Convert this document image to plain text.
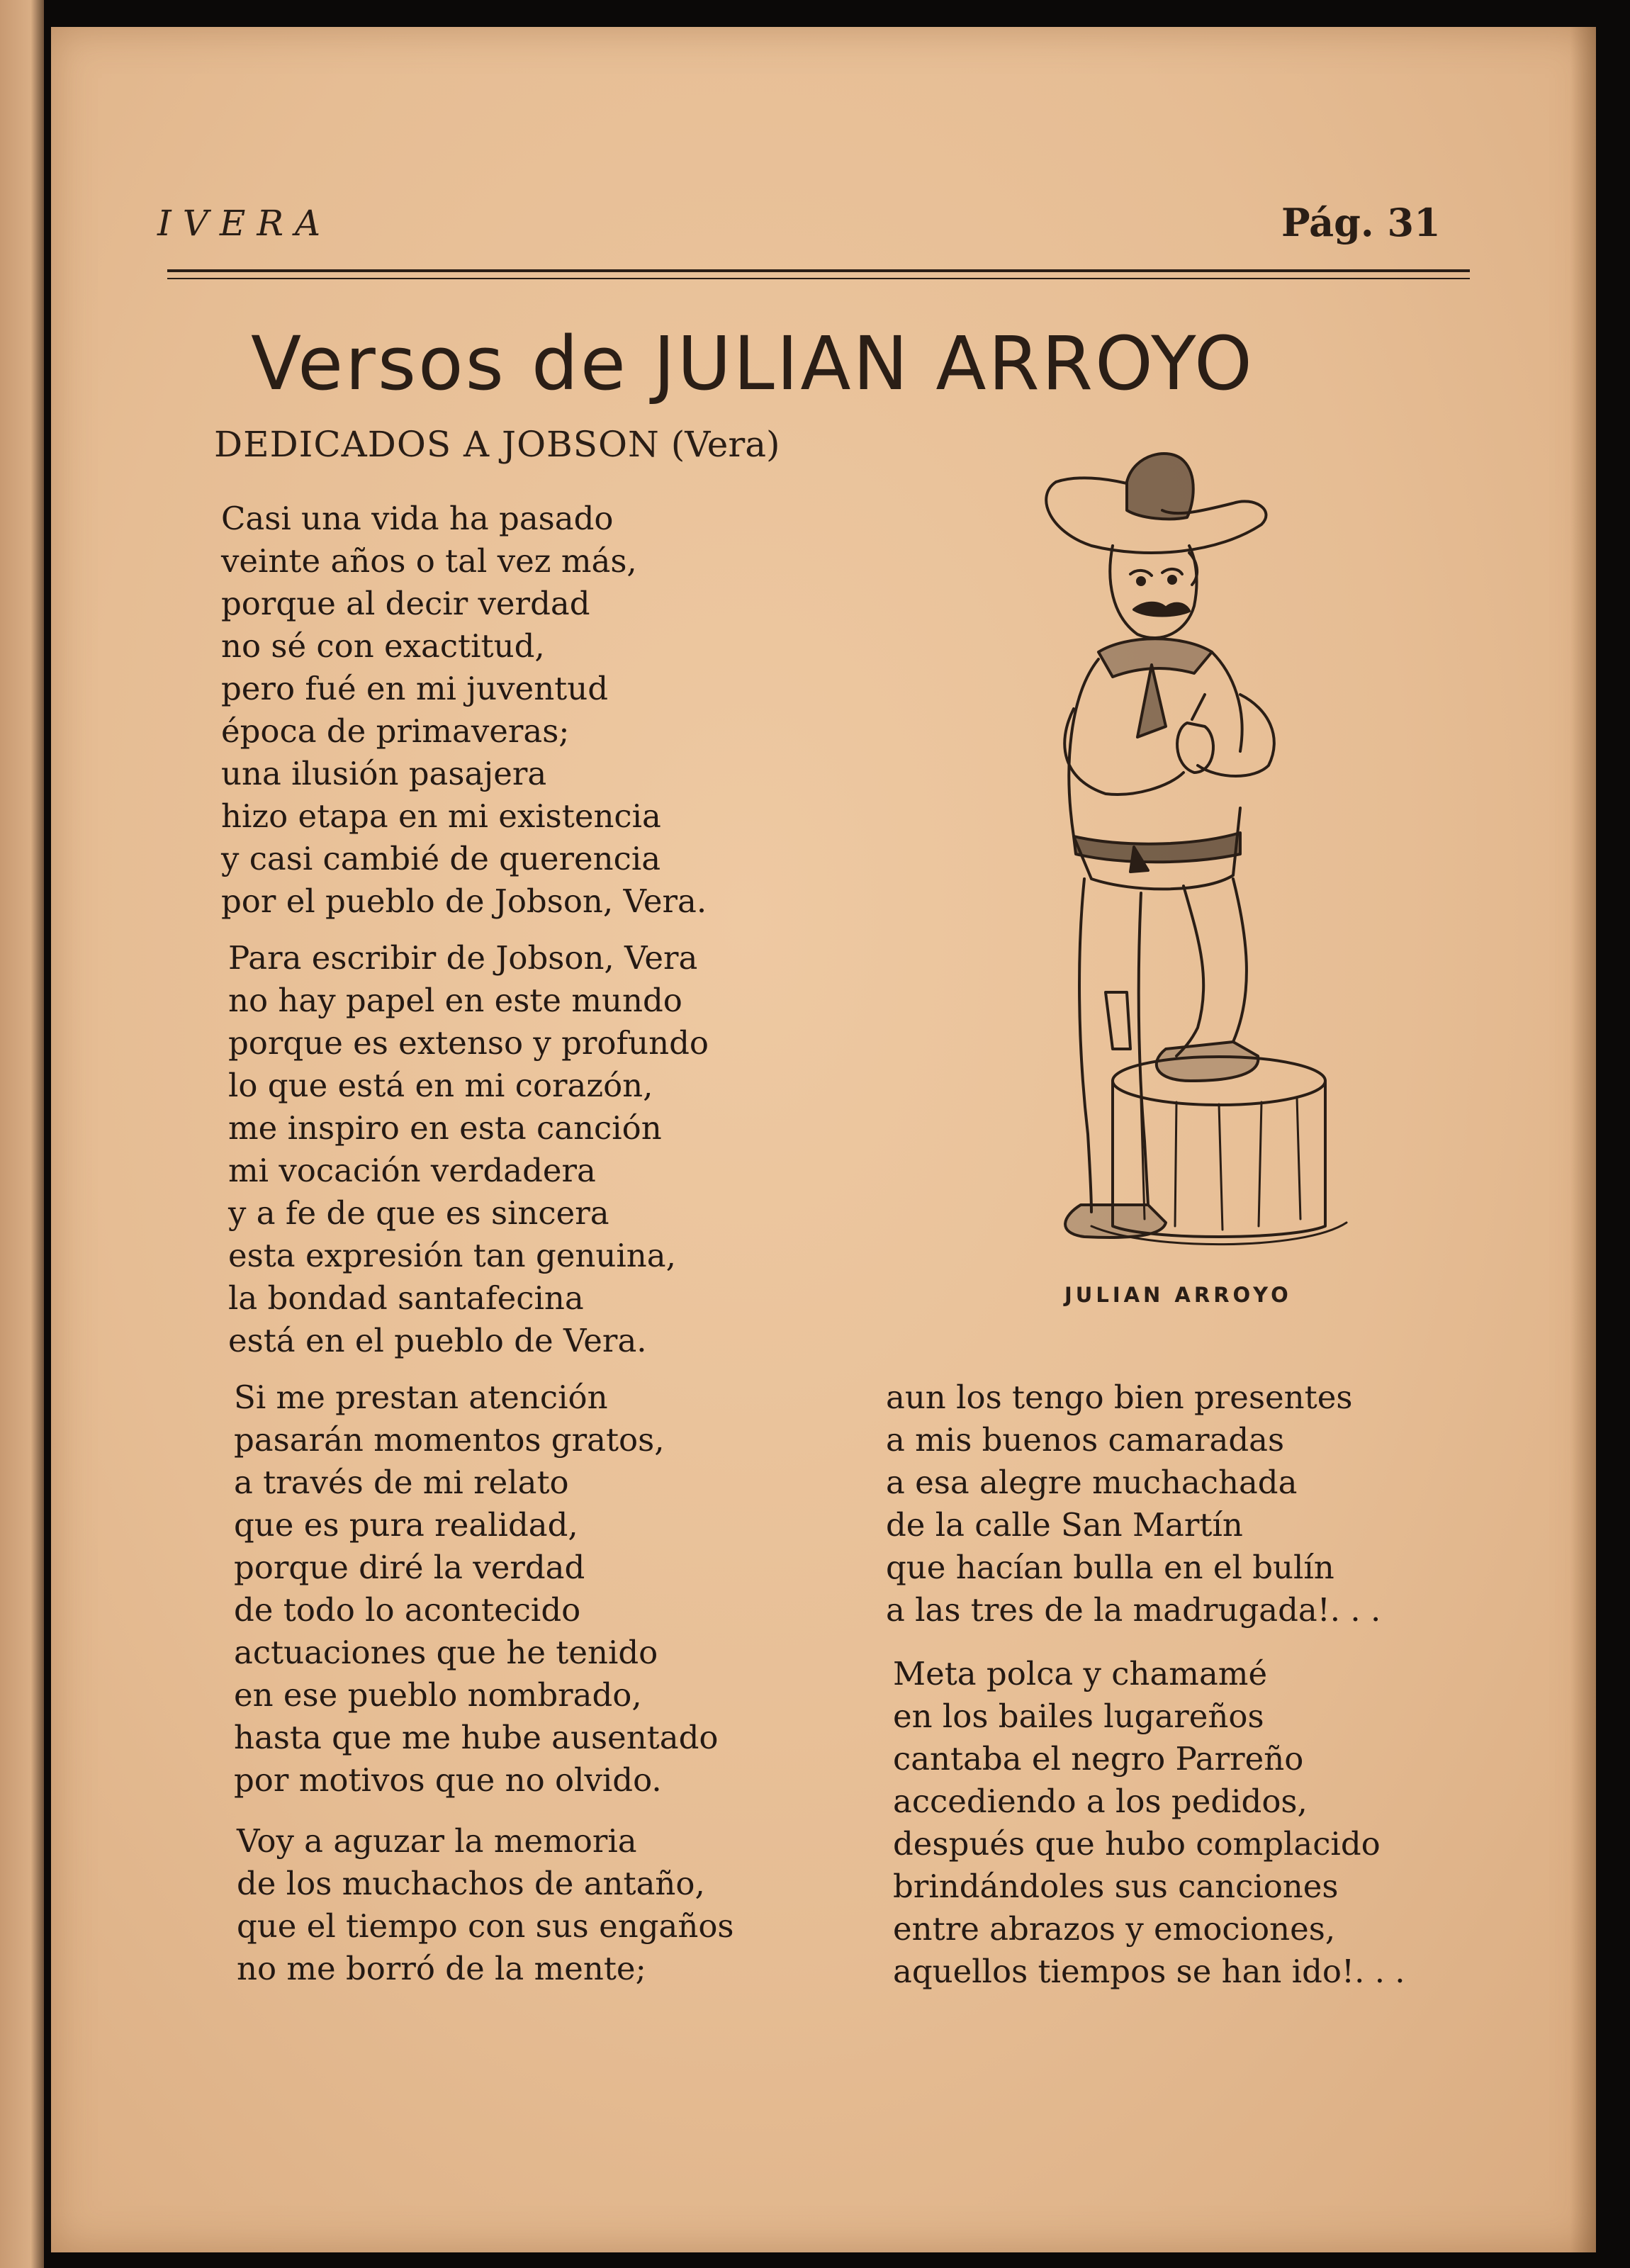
IVERA	Pág. 31
Versos de JULIAN ARROYO
DEDICADOS A JOBSON (Vera)
Casi una vida ha pasado
veinte años o tal vez más,
porque al decir verdad
no sé con exactitud,
pero fué en mi juventud
época de primaveras;
una ilusión pasajera
hizo etapa en mi existencia
y casi cambié de querencia
por el pueblo de Jobson, Vera.
Para escribir de Jobson, Vera
no hay papel en este mundo
porque es extenso y profundo
lo que está en mi corazón,
me inspiro en esta canción
mi vocación verdadera
y a fe de que es sincera
esta expresión tan genuina,
la bondad santafecina
está en el pueblo de Vera.
Si me prestan atención
pasarán momentos gratos,
a través de mi relato
que es pura realidad,
porque diré la verdad
de todo lo acontecido
actuaciones que he tenido
en ese pueblo nombrado,
hasta que me hube ausentado
por motivos que no olvido.
Voy a aguzar la memoria
de los muchachos de antaño,
que el tiempo con sus engaños
no me borró de la mente;
aun los tengo bien presentes
a mis buenos camaradas
a esa alegre muchachada
de la calle San Martín
que hacían bulla en el bulín
a las tres de la madrugada!. . .
Meta polca y chamamé
en los bailes lugareños
cantaba el negro Parreño
accediendo a los pedidos,
después que hubo complacido
brindándoles sus canciones
entre abrazos y emociones,
aquellos tiempos se han ido!. . .
JULIAN ARROYO
